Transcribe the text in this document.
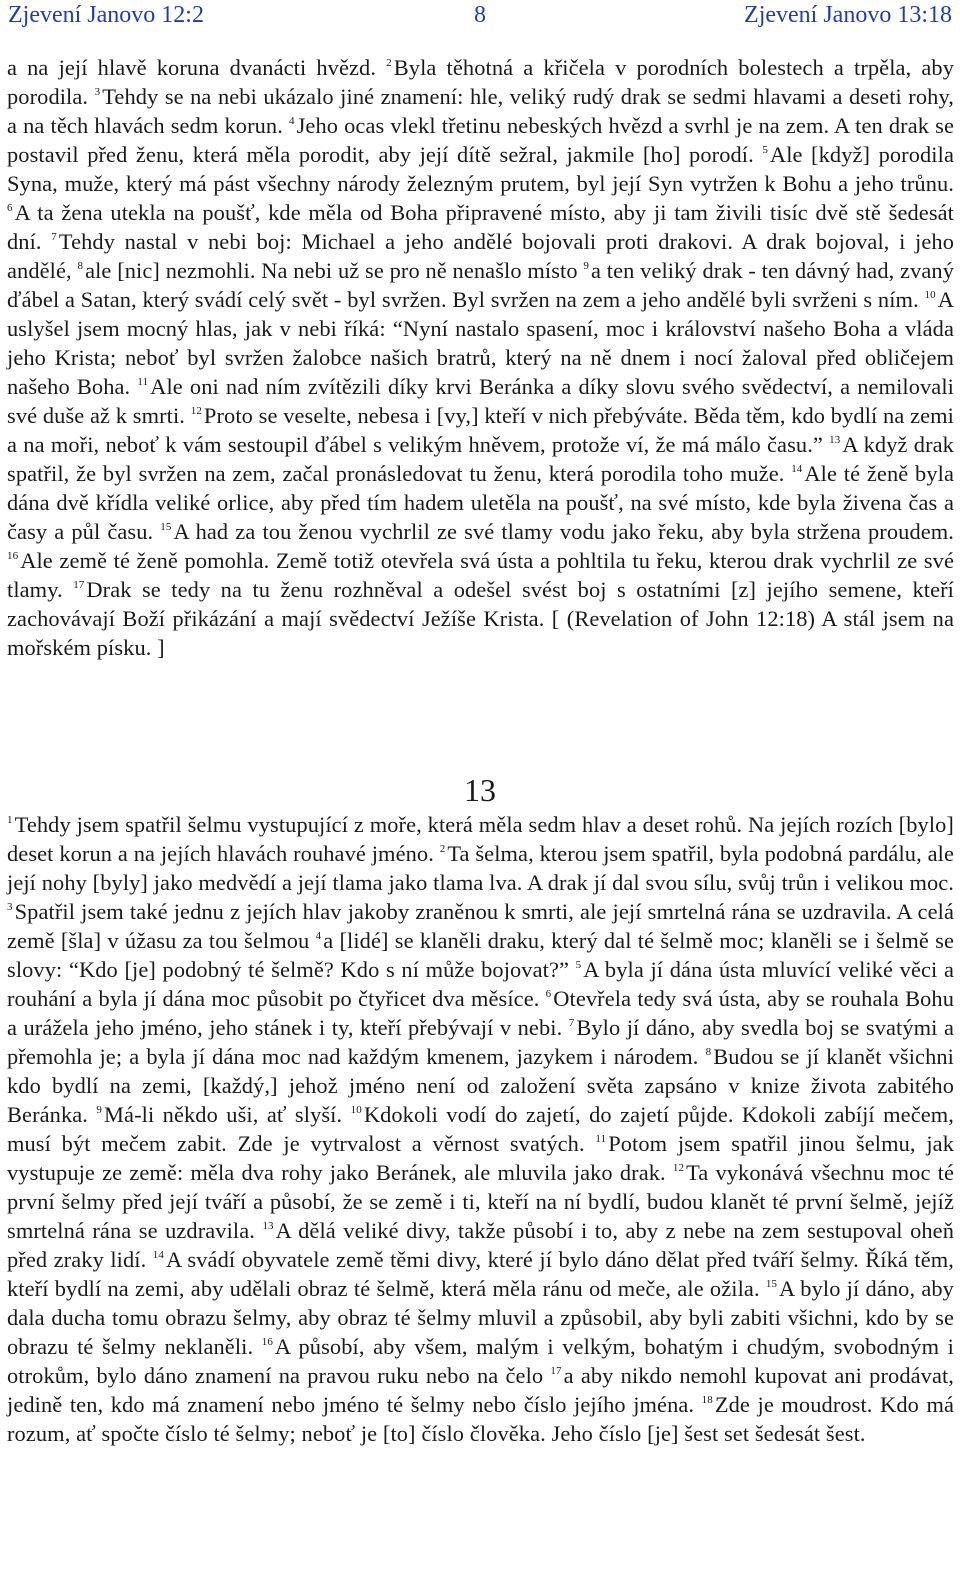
Zjevení Janovo 12:2	8	Zjevení Janovo 13:18
a na její hlavě koruna dvanácti hvězd. $^2$Byla těhotná a křičela v porodních bolestech a trpěla, aby porodila. $^3$Tehdy se na nebi ukázalo jiné znamení: hle, veliký rudý drak se sedmi hlavami a deseti rohy, a na těch hlavách sedm korun. $^4$Jeho ocas vlekl třetinu nebeských hvězd a svrhl je na zem. A ten drak se postavil před ženu, která měla porodit, aby její dítě sežral, jakmile [ho] porodí. $^5$Ale [když] porodila Syna, muže, který má pást všechny národy železným prutem, byl její Syn vytržen k Bohu a jeho trůnu. $^6$A ta žena utekla na poušť, kde měla od Boha připravené místo, aby ji tam živili tisíc dvě stě šedesát dní. $^7$Tehdy nastal v nebi boj: Michael a jeho andělé bojovali proti drakovi. A drak bojoval, i jeho andělé, $^8$ale [nic] nezmohli. Na nebi už se pro ně nenašlo místo $^9$a ten veliký drak - ten dávný had, zvaný ďábel a Satan, který svádí celý svět - byl svržen. Byl svržen na zem a jeho andělé byli svrženi s ním. $^{10}$A uslyšel jsem mocný hlas, jak v nebi říká: “Nyní nastalo spasení, moc i království našeho Boha a vláda jeho Krista; neboť byl svržen žalobce našich bratrů, který na ně dnem i nocí žaloval před obličejem našeho Boha. $^{11}$Ale oni nad ním zvítězili díky krvi Beránka a díky slovu svého svědectví, a nemilovali své duše až k smrti. $^{12}$Proto se veselte, nebesa i [vy,] kteří v nich přebýváte. Běda těm, kdo bydlí na zemi a na moři, neboť k vám sestoupil ďábel s velikým hněvem, protože ví, že má málo času.” $^{13}$A když drak spatřil, že byl svržen na zem, začal pronásledovat tu ženu, která porodila toho muže. $^{14}$Ale té ženě byla dána dvě křídla veliké orlice, aby před tím hadem uletěla na poušť, na své místo, kde byla živena čas a časy a půl času. $^{15}$A had za tou ženou vychrlil ze své tlamy vodu jako řeku, aby byla stržena proudem. $^{16}$Ale země té ženě pomohla. Země totiž otevřela svá ústa a pohltila tu řeku, kterou drak vychrlil ze své tlamy. $^{17}$Drak se tedy na tu ženu rozhněval a odešel svést boj s ostatními [z] jejího semene, kteří zachovávají Boží přikázání a mají svědectví Ježíše Krista. [ (Revelation of John 12:18) A stál jsem na mořském písku. ]
13
$^1$Tehdy jsem spatřil šelmu vystupující z moře, která měla sedm hlav a deset rohů. Na jejích rozích [bylo] deset korun a na jejích hlavách rouhavé jméno. $^2$Ta šelma, kterou jsem spatřil, byla podobná pardálu, ale její nohy [byly] jako medvědí a její tlama jako tlama lva. A drak jí dal svou sílu, svůj trůn i velikou moc. $^3$Spatřil jsem také jednu z jejích hlav jakoby zraněnou k smrti, ale její smrtelná rána se uzdravila. A celá země [šla] v úžasu za tou šelmou $^4$a [lidé] se klaněli draku, který dal té šelmě moc; klaněli se i šelmě se slovy: “Kdo [je] podobný té šelmě? Kdo s ní může bojovat?” $^5$A byla jí dána ústa mluvící veliké věci a rouhání a byla jí dána moc působit po čtyřicet dva měsíce. $^6$Otevřela tedy svá ústa, aby se rouhala Bohu a urážela jeho jméno, jeho stánek i ty, kteří přebývají v nebi. $^7$Bylo jí dáno, aby svedla boj se svatými a přemohla je; a byla jí dána moc nad každým kmenem, jazykem i národem. $^8$Budou se jí klanět všichni kdo bydlí na zemi, [každý,] jehož jméno není od založení světa zapsáno v knize života zabitého Beránka. $^9$Má-li někdo uši, ať slyší. $^{10}$Kdokoli vodí do zajetí, do zajetí půjde. Kdokoli zabíjí mečem, musí být mečem zabit. Zde je vytrvalost a věrnost svatých. $^{11}$Potom jsem spatřil jinou šelmu, jak vystupuje ze země: měla dva rohy jako Beránek, ale mluvila jako drak. $^{12}$Ta vykonává všechnu moc té první šelmy před její tváří a působí, že se země i ti, kteří na ní bydlí, budou klanět té první šelmě, jejíž smrtelná rána se uzdravila. $^{13}$A dělá veliké divy, takže působí i to, aby z nebe na zem sestupoval oheň před zraky lidí. $^{14}$A svádí obyvatele země těmi divy, které jí bylo dáno dělat před tváří šelmy. Říká těm, kteří bydlí na zemi, aby udělali obraz té šelmě, která měla ránu od meče, ale ožila. $^{15}$A bylo jí dáno, aby dala ducha tomu obrazu šelmy, aby obraz té šelmy mluvil a způsobil, aby byli zabiti všichni, kdo by se obrazu té šelmy neklaněli. $^{16}$A působí, aby všem, malým i velkým, bohatým i chudým, svobodným i otrokům, bylo dáno znamení na pravou ruku nebo na čelo $^{17}$a aby nikdo nemohl kupovat ani prodávat, jedině ten, kdo má znamení nebo jméno té šelmy nebo číslo jejího jména. $^{18}$Zde je moudrost. Kdo má rozum, ať spočte číslo té šelmy; neboť je [to] číslo člověka. Jeho číslo [je] šest set šedesát šest.
